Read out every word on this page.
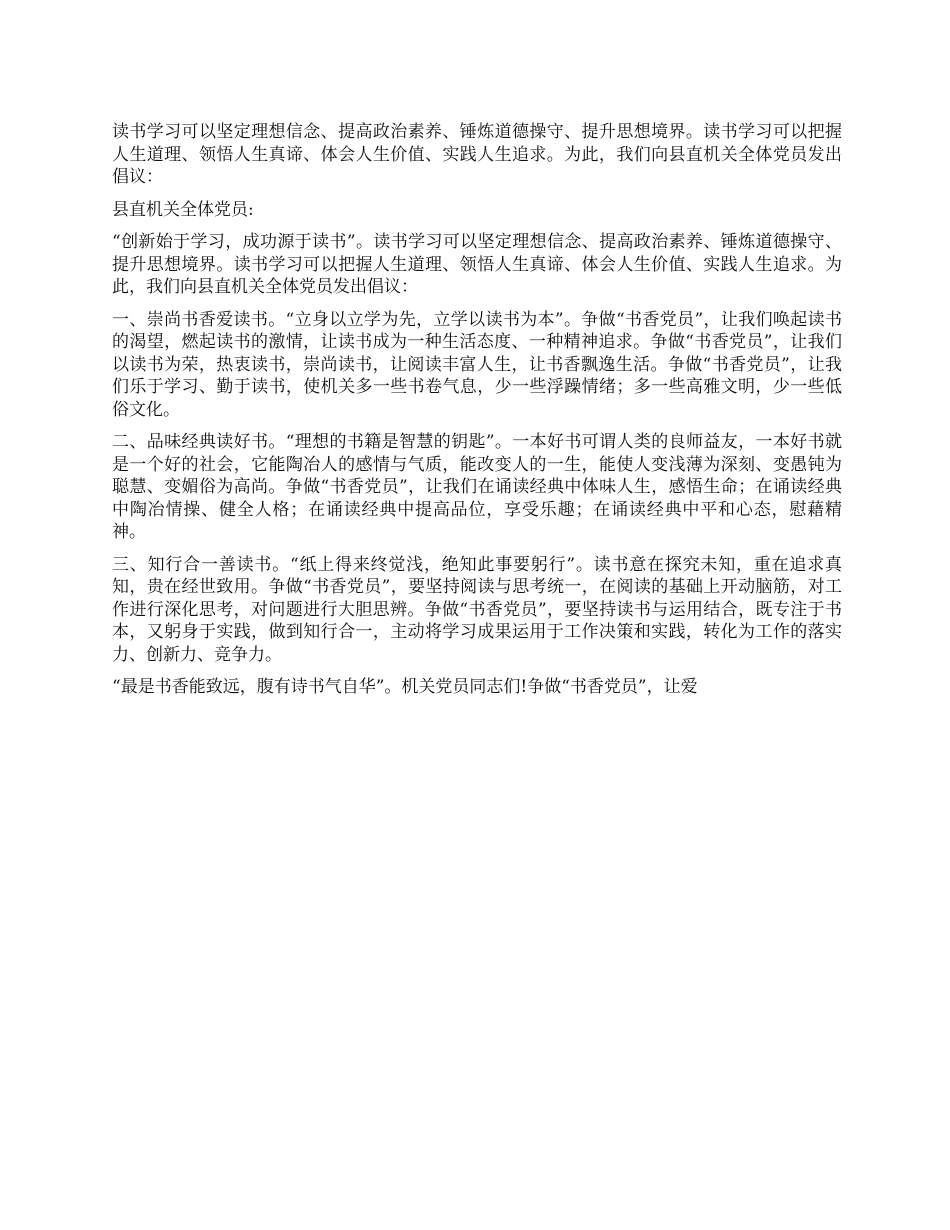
读书学习可以坚定理想信念、提高政治素养、锤炼道德操守、提升思想境界。读书学习可以把握人生道理、领悟人生真谛、体会人生价值、实践人生追求。为此，我们向县直机关全体党员发出倡议：

县直机关全体党员:

“创新始于学习，成功源于读书”。读书学习可以坚定理想信念、提高政治素养、锤炼道德操守、提升思想境界。读书学习可以把握人生道理、领悟人生真谛、体会人生价值、实践人生追求。为此，我们向县直机关全体党员发出倡议：

一、崇尚书香爱读书。“立身以立学为先，立学以读书为本”。争做“书香党员”，让我们唤起读书的渴望，燃起读书的激情，让读书成为一种生活态度、一种精神追求。争做“书香党员”，让我们以读书为荣，热衷读书，崇尚读书，让阅读丰富人生，让书香飘逸生活。争做“书香党员”，让我们乐于学习、勤于读书，使机关多一些书卷气息，少一些浮躁情绪；多一些高雅文明，少一些低俗文化。

二、品味经典读好书。“理想的书籍是智慧的钥匙”。一本好书可谓人类的良师益友，一本好书就是一个好的社会，它能陶冶人的感情与气质，能改变人的一生，能使人变浅薄为深刻、变愚钝为聪慧、变媚俗为高尚。争做“书香党员”，让我们在诵读经典中体味人生，感悟生命；在诵读经典中陶冶情操、健全人格；在诵读经典中提高品位，享受乐趣；在诵读经典中平和心态，慰藉精神。

三、知行合一善读书。“纸上得来终觉浅，绝知此事要躬行”。读书意在探究未知，重在追求真知，贵在经世致用。争做“书香党员”，要坚持阅读与思考统一，在阅读的基础上开动脑筋，对工作进行深化思考，对问题进行大胆思辨。争做“书香党员”，要坚持读书与运用结合，既专注于书本，又躬身于实践，做到知行合一，主动将学习成果运用于工作决策和实践，转化为工作的落实力、创新力、竞争力。

“最是书香能致远，腹有诗书气自华”。机关党员同志们!争做“书香党员”，让爱
